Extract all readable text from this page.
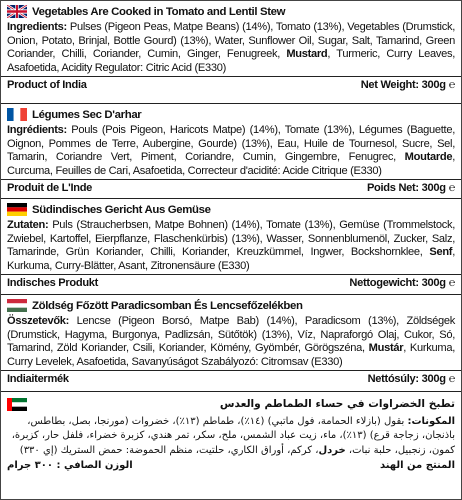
Vegetables Are Cooked in Tomato and Lentil Stew
Ingredients: Pulses (Pigeon Peas, Matpe Beans) (14%), Tomato (13%), Vegetables (Drumstick, Onion, Potato, Brinjal, Bottle Gourd) (13%), Water, Sunflower Oil, Sugar, Salt, Tamarind, Green Coriander, Chilli, Coriander, Cumin, Ginger, Fenugreek, Mustard, Turmeric, Curry Leaves, Asafoetida, Acidity Regulator: Citric Acid (E330)
Product of India	Net Weight: 300g ℮
Légumes Sec D'arhar
Ingrédients: Pouls (Pois Pigeon, Haricots Matpe) (14%), Tomate (13%), Légumes (Baguette, Oignon, Pommes de Terre, Aubergine, Gourde) (13%), Eau, Huile de Tournesol, Sucre, Sel, Tamarin, Coriandre Vert, Piment, Coriandre, Cumin, Gingembre, Fenugrec, Moutarde, Curcuma, Feuilles de Cari, Asafoetida, Correcteur d'acidité: Acide Citrique (E330)
Produit de L'Inde	Poids Net: 300g ℮
Südindisches Gericht Aus Gemüse
Zutaten: Puls (Straucherbsen, Matpe Bohnen) (14%), Tomate (13%), Gemüse (Trommelstock, Zwiebel, Kartoffel, Eierpflanze, Flaschenkürbis) (13%), Wasser, Sonnenblumenöl, Zucker, Salz, Tamarinde, Grün Koriander, Chilli, Koriander, Kreuzkümmel, Ingwer, Bockshornklee, Senf, Kurkuma, Curry-Blätter, Asant, Zitronensäure (E330)
Indisches Produkt	Nettogewicht: 300g ℮
Zöldség Főzött Paradicsomban És Lencsefőzelékben
Összetevők: Lencse (Pigeon Borsó, Matpe Bab) (14%), Paradicsom (13%), Zöldségek (Drumstick, Hagyma, Burgonya, Padlizsán, Sütőtök) (13%), Víz, Napraforgó Olaj, Cukor, Só, Tamarind, Zöld Koriander, Csili, Koriander, Kömény, Gyömbér, Görögszéna, Mustár, Kurkuma, Curry Levelek, Asafoetida, Savanyúságot Szabályozó: Citromsav (E330)
Indiaitermék	Nettósúly: 300g ℮
تطبخ الخضراوات في حساء الطماطم والعدس
المكونات: بقول (بازلاء الحمامة، فول ماتبي) (١٤٪)، طماطم (١٣٪)، خضروات (مورنجا، بصل، بطاطس، باذنجان، زجاجة قرع) (١٣٪)، ماء، زيت عباد الشمس، ملح، سكر، تمر هندي، كزبرة خضراء، فلفل حار، كزبرة، كمون، زنجبيل، حلبة نبات، خردل، كركم، أوراق الكاري، حلتيت، منظم الحموضة: حمض الستريك (إي ٣٣٠)
المنتج من الهند
الوزن الصافي : ٣٠٠ جرام
